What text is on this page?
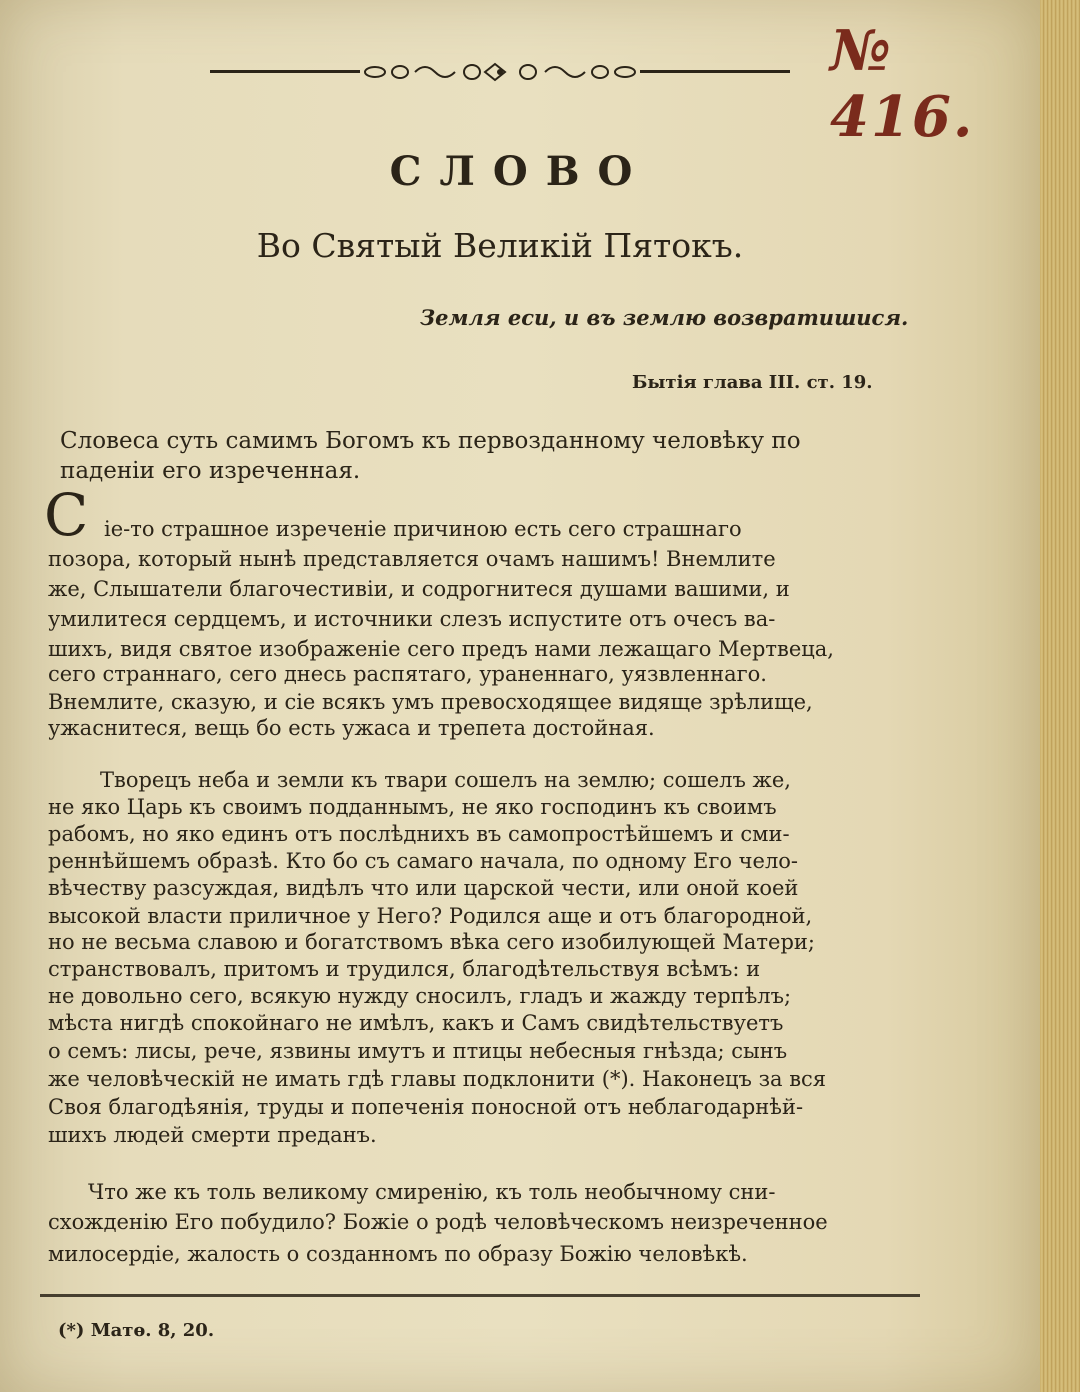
№ 416.
СЛОВО
Во Святый Великій Пятокъ.
Земля еси, и въ землю возвратишися.
Бытія глава III. ст. 19.
Словеса суть самимъ Богомъ къ первозданному человѣку по
паденіи его изреченная.
С іе-то страшное изреченіе причиною есть сего страшнаго
позора, который нынѣ представляется очамъ нашимъ! Внемлите
же, Слышатели благочестивіи, и содрогнитеся душами вашими, и
умилитеся сердцемъ, и источники слезъ испустите отъ очесъ ва-
шихъ, видя святое изображеніе сего предъ нами лежащаго Мертвеца,
сего страннаго, сего днесь распятаго, ураненнаго, уязвленнаго.
Внемлите, сказую, и сіе всякъ умъ превосходящее видяще зрѣлище,
ужаснитеся, вещь бо есть ужаса и трепета достойная.
Творецъ неба и земли къ твари сошелъ на землю; сошелъ же,
не яко Царь къ своимъ подданнымъ, не яко господинъ къ своимъ
рабомъ, но яко единъ отъ послѣднихъ въ самопростѣйшемъ и сми-
реннѣйшемъ образѣ. Кто бо съ самаго начала, по одному Его чело-
вѣчеству разсуждая, видѣлъ что или царской чести, или оной коей
высокой власти приличное у Него? Родился аще и отъ благородной,
но не весьма славою и богатствомъ вѣка сего изобилующей Матери;
странствовалъ, притомъ и трудился, благодѣтельствуя всѣмъ: и
не довольно сего, всякую нужду сносилъ, гладъ и жажду терпѣлъ;
мѣста нигдѣ спокойнаго не имѣлъ, какъ и Самъ свидѣтельствуетъ
о семъ: лисы, рече, язвины имутъ и птицы небесныя гнѣзда; сынъ
же человѣческій не имать гдѣ главы подклонити (*). Наконецъ за вся
Своя благодѣянія, труды и попеченія поносной отъ неблагодарнѣй-
шихъ людей смерти преданъ.
Что же къ толь великому смиренію, къ толь необычному сни-
схожденію Его побудило? Божіе о родѣ человѣческомъ неизреченное
милосердіе, жалость о созданномъ по образу Божію человѣкѣ.
(*) Матѳ. 8, 20.
